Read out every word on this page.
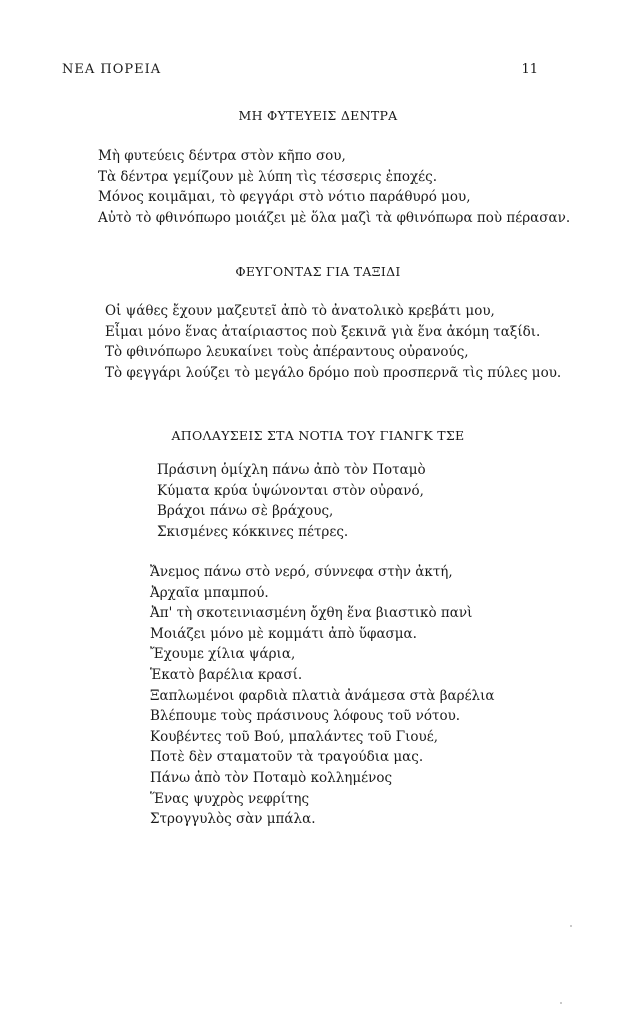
ΝΕΑ ΠΟΡΕΙΑ	11
ΜΗ ΦΥΤΕΥΕΙΣ ΔΕΝΤΡΑ
Μὴ φυτεύεις δέντρα στὸν κῆπο σου,
Τὰ δέντρα γεμίζουν μὲ λύπη τὶς τέσσερις ἐποχές.
Μόνος κοιμᾶμαι, τὸ φεγγάρι στὸ νότιο παράθυρό μου,
Αὐτὸ τὸ φθινόπωρο μοιάζει μὲ ὅλα μαζὶ τὰ φθινόπωρα ποὺ πέρασαν.
ΦΕΥΓΟΝΤΑΣ ΓΙΑ ΤΑΞΙΔΙ
Οἱ ψάθες ἔχουν μαζευτεῖ ἀπὸ τὸ ἀνατολικὸ κρεβάτι μου,
Εἶμαι μόνο ἕνας ἀταίριαστος ποὺ ξεκινᾶ γιὰ ἕνα ἀκόμη ταξίδι.
Τὸ φθινόπωρο λευκαίνει τοὺς ἀπέραντους οὐρανούς,
Τὸ φεγγάρι λούζει τὸ μεγάλο δρόμο ποὺ προσπερνᾶ τὶς πύλες μου.
ΑΠΟΛΑΥΣΕΙΣ ΣΤΑ ΝΟΤΙΑ ΤΟΥ ΓΙΑΝΓΚ ΤΣΕ
Πράσινη ὁμίχλη πάνω ἀπὸ τὸν Ποταμὸ
Κύματα κρύα ὑψώνονται στὸν οὐρανό,
Βράχοι πάνω σὲ βράχους,
Σκισμένες κόκκινες πέτρες.
Ἄνεμος πάνω στὸ νερό, σύννεφα στὴν ἀκτή,
Ἀρχαῖα μπαμπού.
Ἀπ' τὴ σκοτεινιασμένη ὄχθη ἕνα βιαστικὸ πανὶ
Μοιάζει μόνο μὲ κομμάτι ἀπὸ ὕφασμα.
Ἔχουμε χίλια ψάρια,
Ἑκατὸ βαρέλια κρασί.
Ξαπλωμένοι φαρδιὰ πλατιὰ ἀνάμεσα στὰ βαρέλια
Βλέπουμε τοὺς πράσινους λόφους τοῦ νότου.
Κουβέντες τοῦ Βού, μπαλάντες τοῦ Γιουέ,
Ποτὲ δὲν σταματοῦν τὰ τραγούδια μας.
Πάνω ἀπὸ τὸν Ποταμὸ κολλημένος
Ἕνας ψυχρὸς νεφρίτης
Στρογγυλὸς σὰν μπάλα.
